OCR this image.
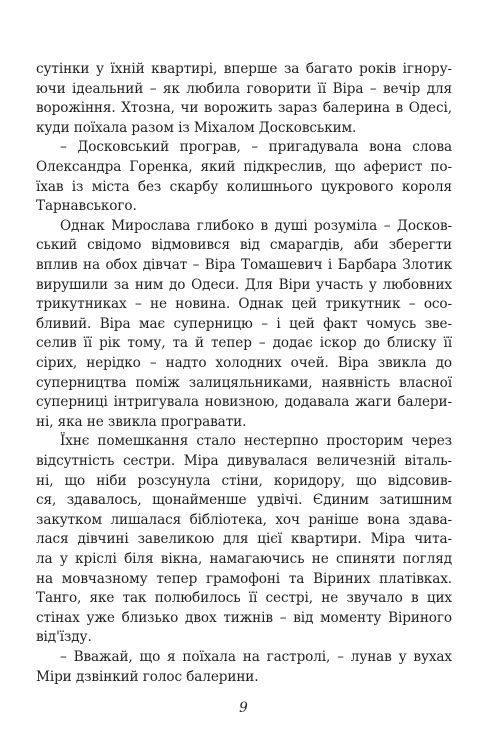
сутінки у їхній квартирі, вперше за багато років ігнору-
ючи ідеальний – як любила говорити її Віра – вечір для
ворожіння. Хтозна, чи ворожить зараз балерина в Одесі,
куди поїхала разом із Міхалом Досковським.
– Досковський програв, – пригадувала вона слова
Олександра Горенка, який підкреслив, що аферист по-
їхав із міста без скарбу колишнього цукрового короля
Тарнавського.
Однак Мирослава глибоко в душі розуміла – Досков-
ський свідомо відмовився від смарагдів, аби зберегти
вплив на обох дівчат – Віра Томашевич і Барбара Злотик
вирушили за ним до Одеси. Для Віри участь у любовних
трикутниках – не новина. Однак цей трикутник – осо-
бливий. Віра має суперницю – і цей факт чомусь зве-
селив її рік тому, та й тепер – додає іскор до блиску її
сірих, нерідко – надто холодних очей. Віра звикла до
суперництва поміж залицяльниками, наявність власної
суперниці інтригувала новизною, додавала жаги балери-
ні, яка не звикла програвати.
Їхнє помешкання стало нестерпно просторим через
відсутність сестри. Міра дивувалася величезній віталь-
ні, що ніби розсунула стіни, коридору, що відсовив-
ся, здавалось, щонайменше удвічі. Єдиним затишним
закутком лишалася бібліотека, хоч раніше вона здава-
лася дівчині завеликою для цієї квартири. Міра чита-
ла у кріслі біля вікна, намагаючись не спиняти погляд
на мовчазному тепер грамофоні та Віриних платівках.
Танго, яке так полюбилось її сестрі, не звучало в цих
стінах уже близько двох тижнів – від моменту Віриного
від'їзду.
– Вважай, що я поїхала на гастролі, – лунав у вухах
Міри дзвінкий голос балерини.
9
